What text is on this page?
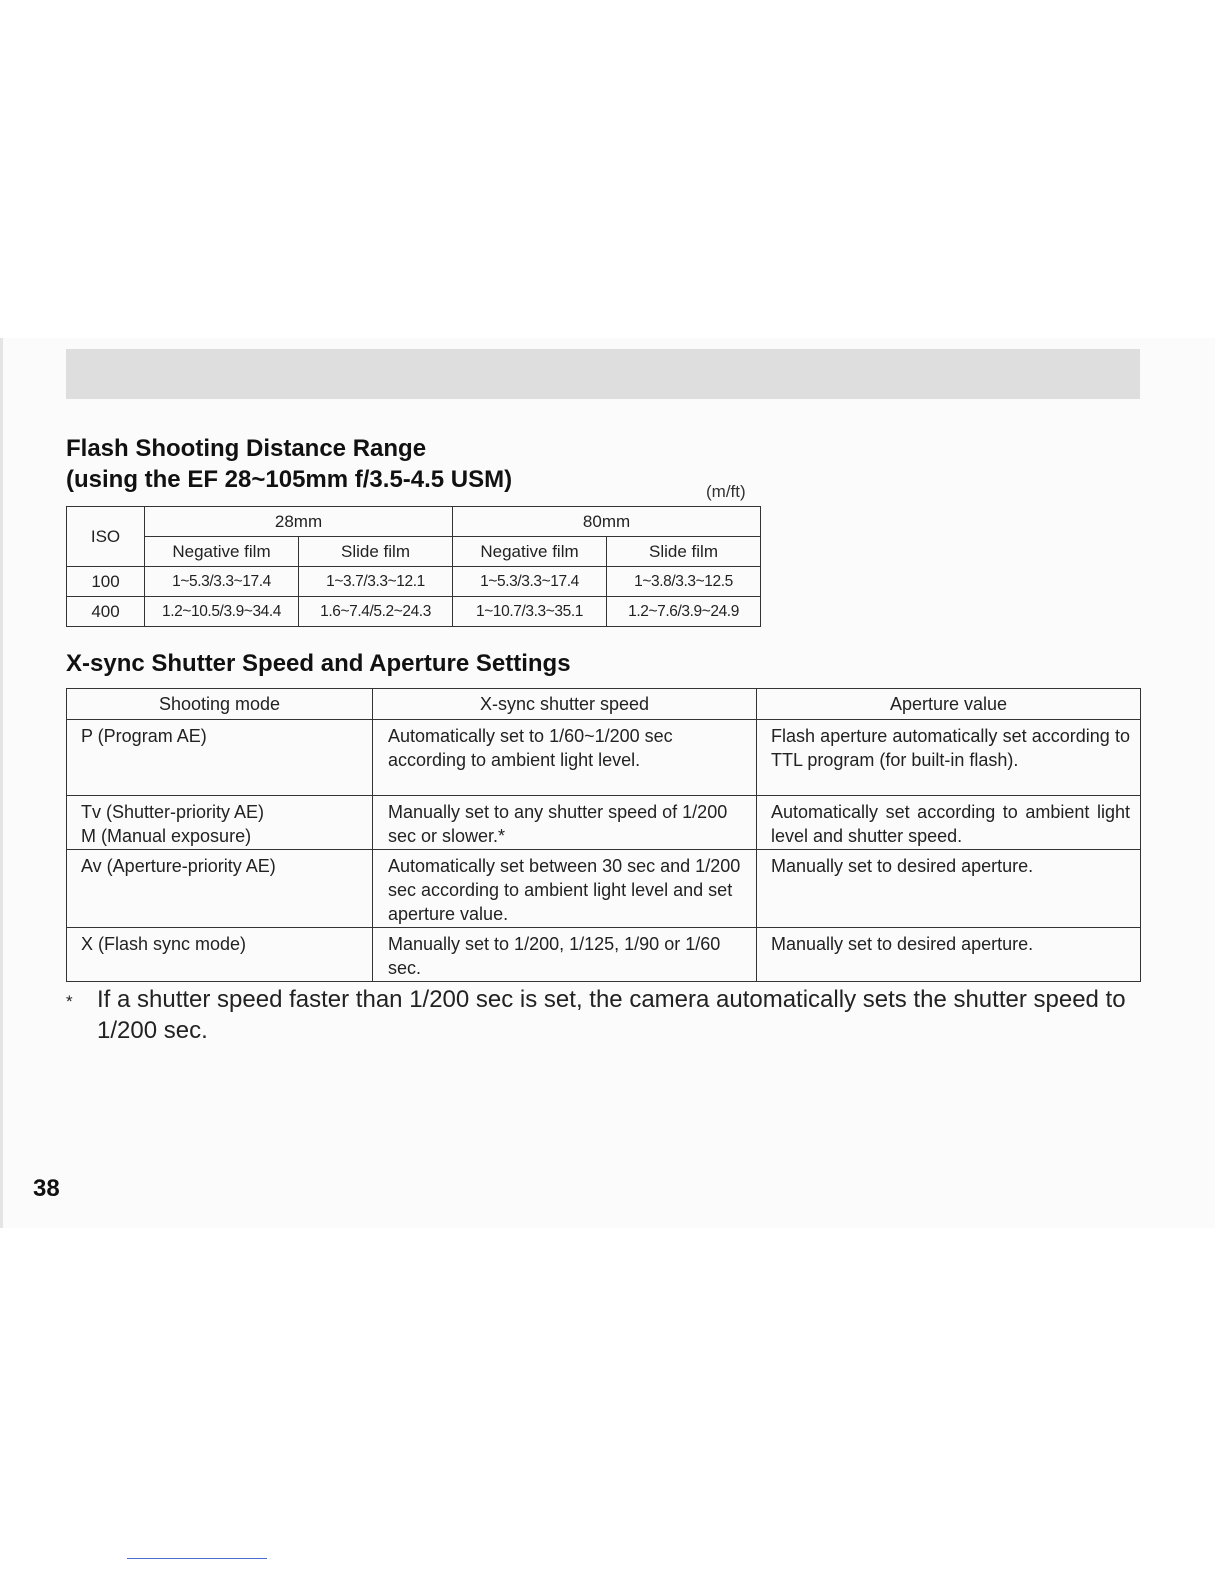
Flash Shooting Distance Range
(using the EF 28~105mm f/3.5-4.5 USM)	(m/ft)
ISO	28mm		80mm	
	Negative film	Slide film	Negative film	Slide film
100	1~5.3/3.3~17.4	1~3.7/3.3~12.1	1~5.3/3.3~17.4	1~3.8/3.3~12.5
400	1.2~10.5/3.9~34.4	1.6~7.4/5.2~24.3	1~10.7/3.3~35.1	1.2~7.6/3.9~24.9
X-sync Shutter Speed and Aperture Settings
Shooting mode	X-sync shutter speed	Aperture value
P (Program AE)	Automatically set to 1/60~1/200 sec according to ambient light level.	Flash aperture automatically set according to TTL program (for built-in flash).
Tv (Shutter-priority AE)
M (Manual exposure)	Manually set to any shutter speed of 1/200 sec or slower.*	Automatically set according to ambient light level and shutter speed.
Av (Aperture-priority AE)	Automatically set between 30 sec and 1/200 sec according to ambient light level and set aperture value.	Manually set to desired aperture.
X (Flash sync mode)	Manually set to 1/200, 1/125, 1/90 or 1/60 sec.	Manually set to desired aperture.
* If a shutter speed faster than 1/200 sec is set, the camera automatically sets the shutter speed to 1/200 sec.
38
